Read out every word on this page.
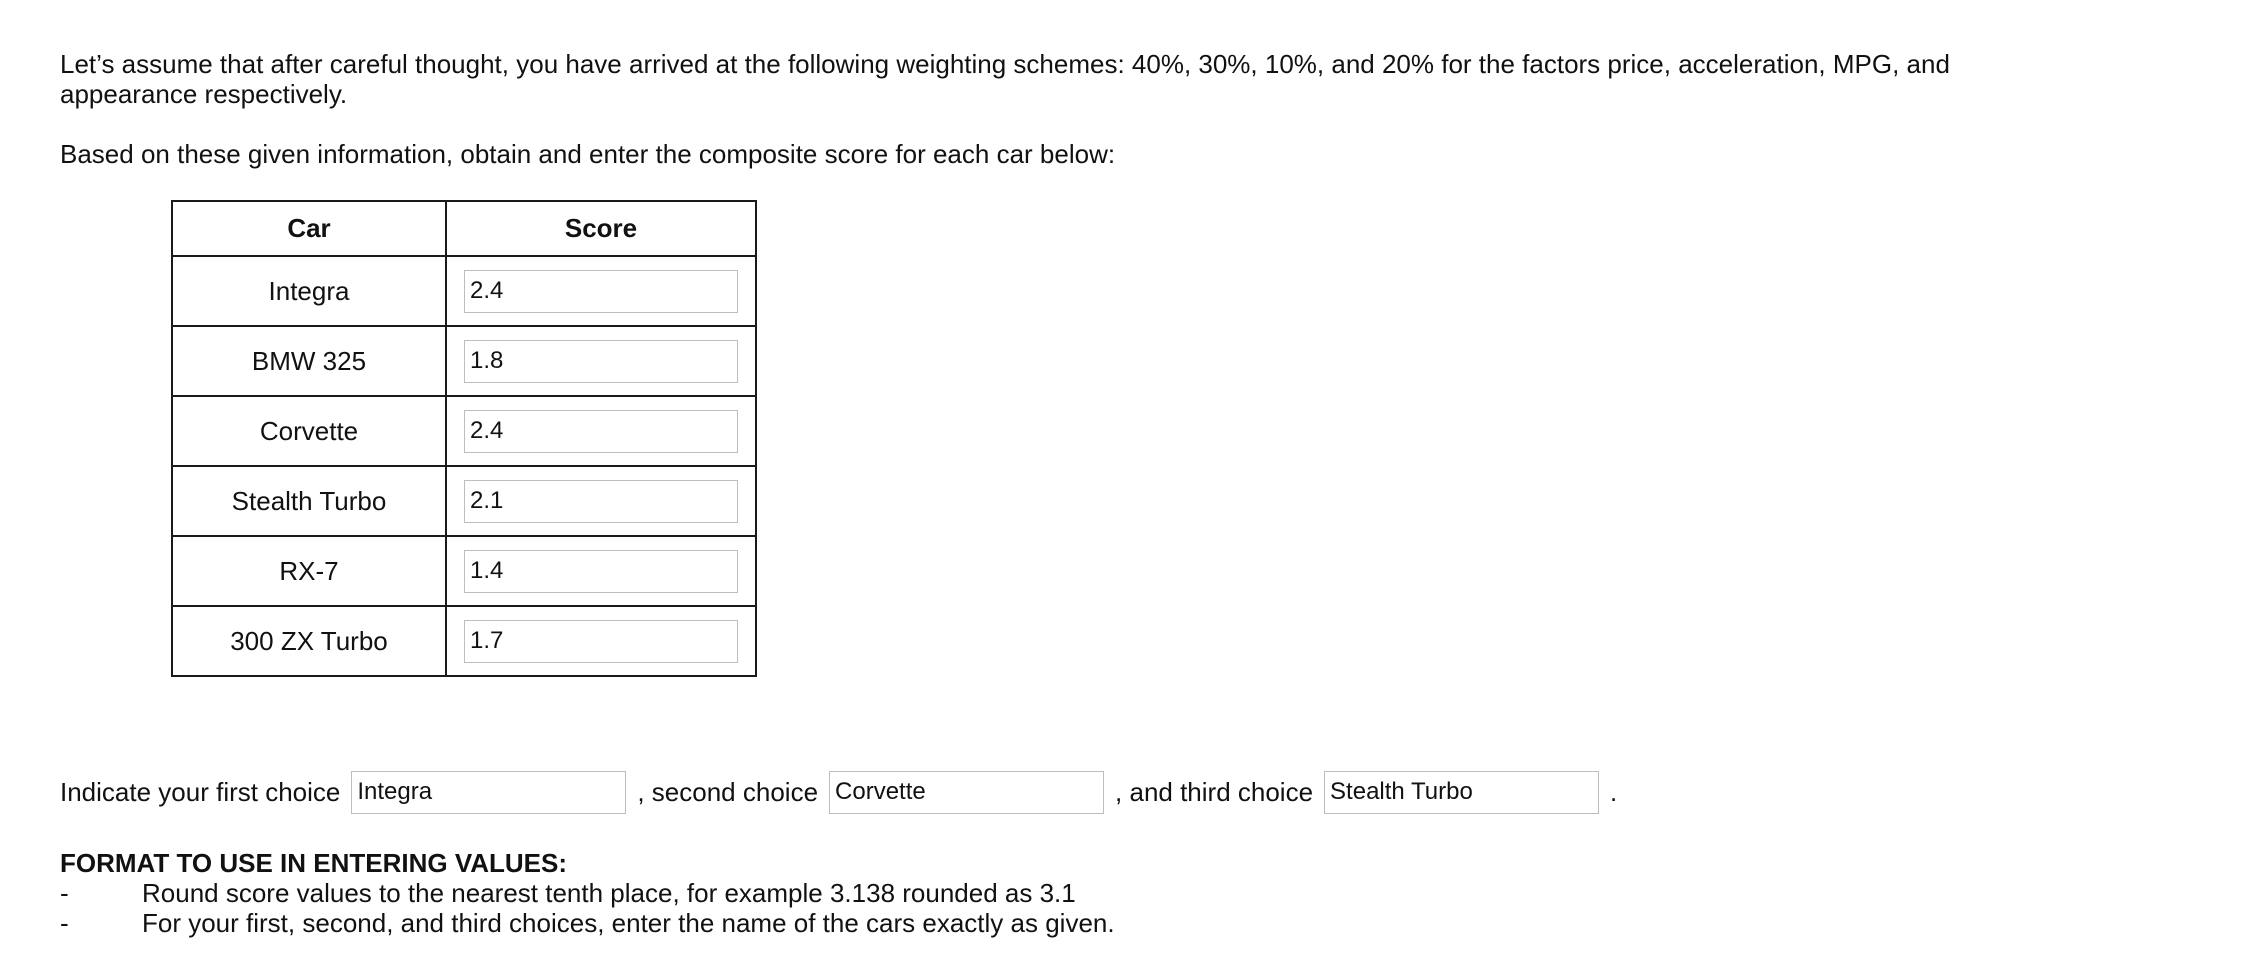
Let’s assume that after careful thought, you have arrived at the following weighting schemes: 40%, 30%, 10%, and 20% for the factors price, acceleration, MPG, and appearance respectively.

Based on these given information, obtain and enter the composite score for each car below:

Car	Score
Integra	2.4
BMW 325	1.8
Corvette	2.4
Stealth Turbo	2.1
RX-7	1.4
300 ZX Turbo	1.7
Indicate your first choice
Integra	, second choice
Corvette	, and third choice
Stealth Turbo	.

FORMAT TO USE IN ENTERING VALUES:

-	Round score values to the nearest tenth place, for example 3.138 rounded as 3.1
-	For your first, second, and third choices, enter the name of the cars exactly as given.
